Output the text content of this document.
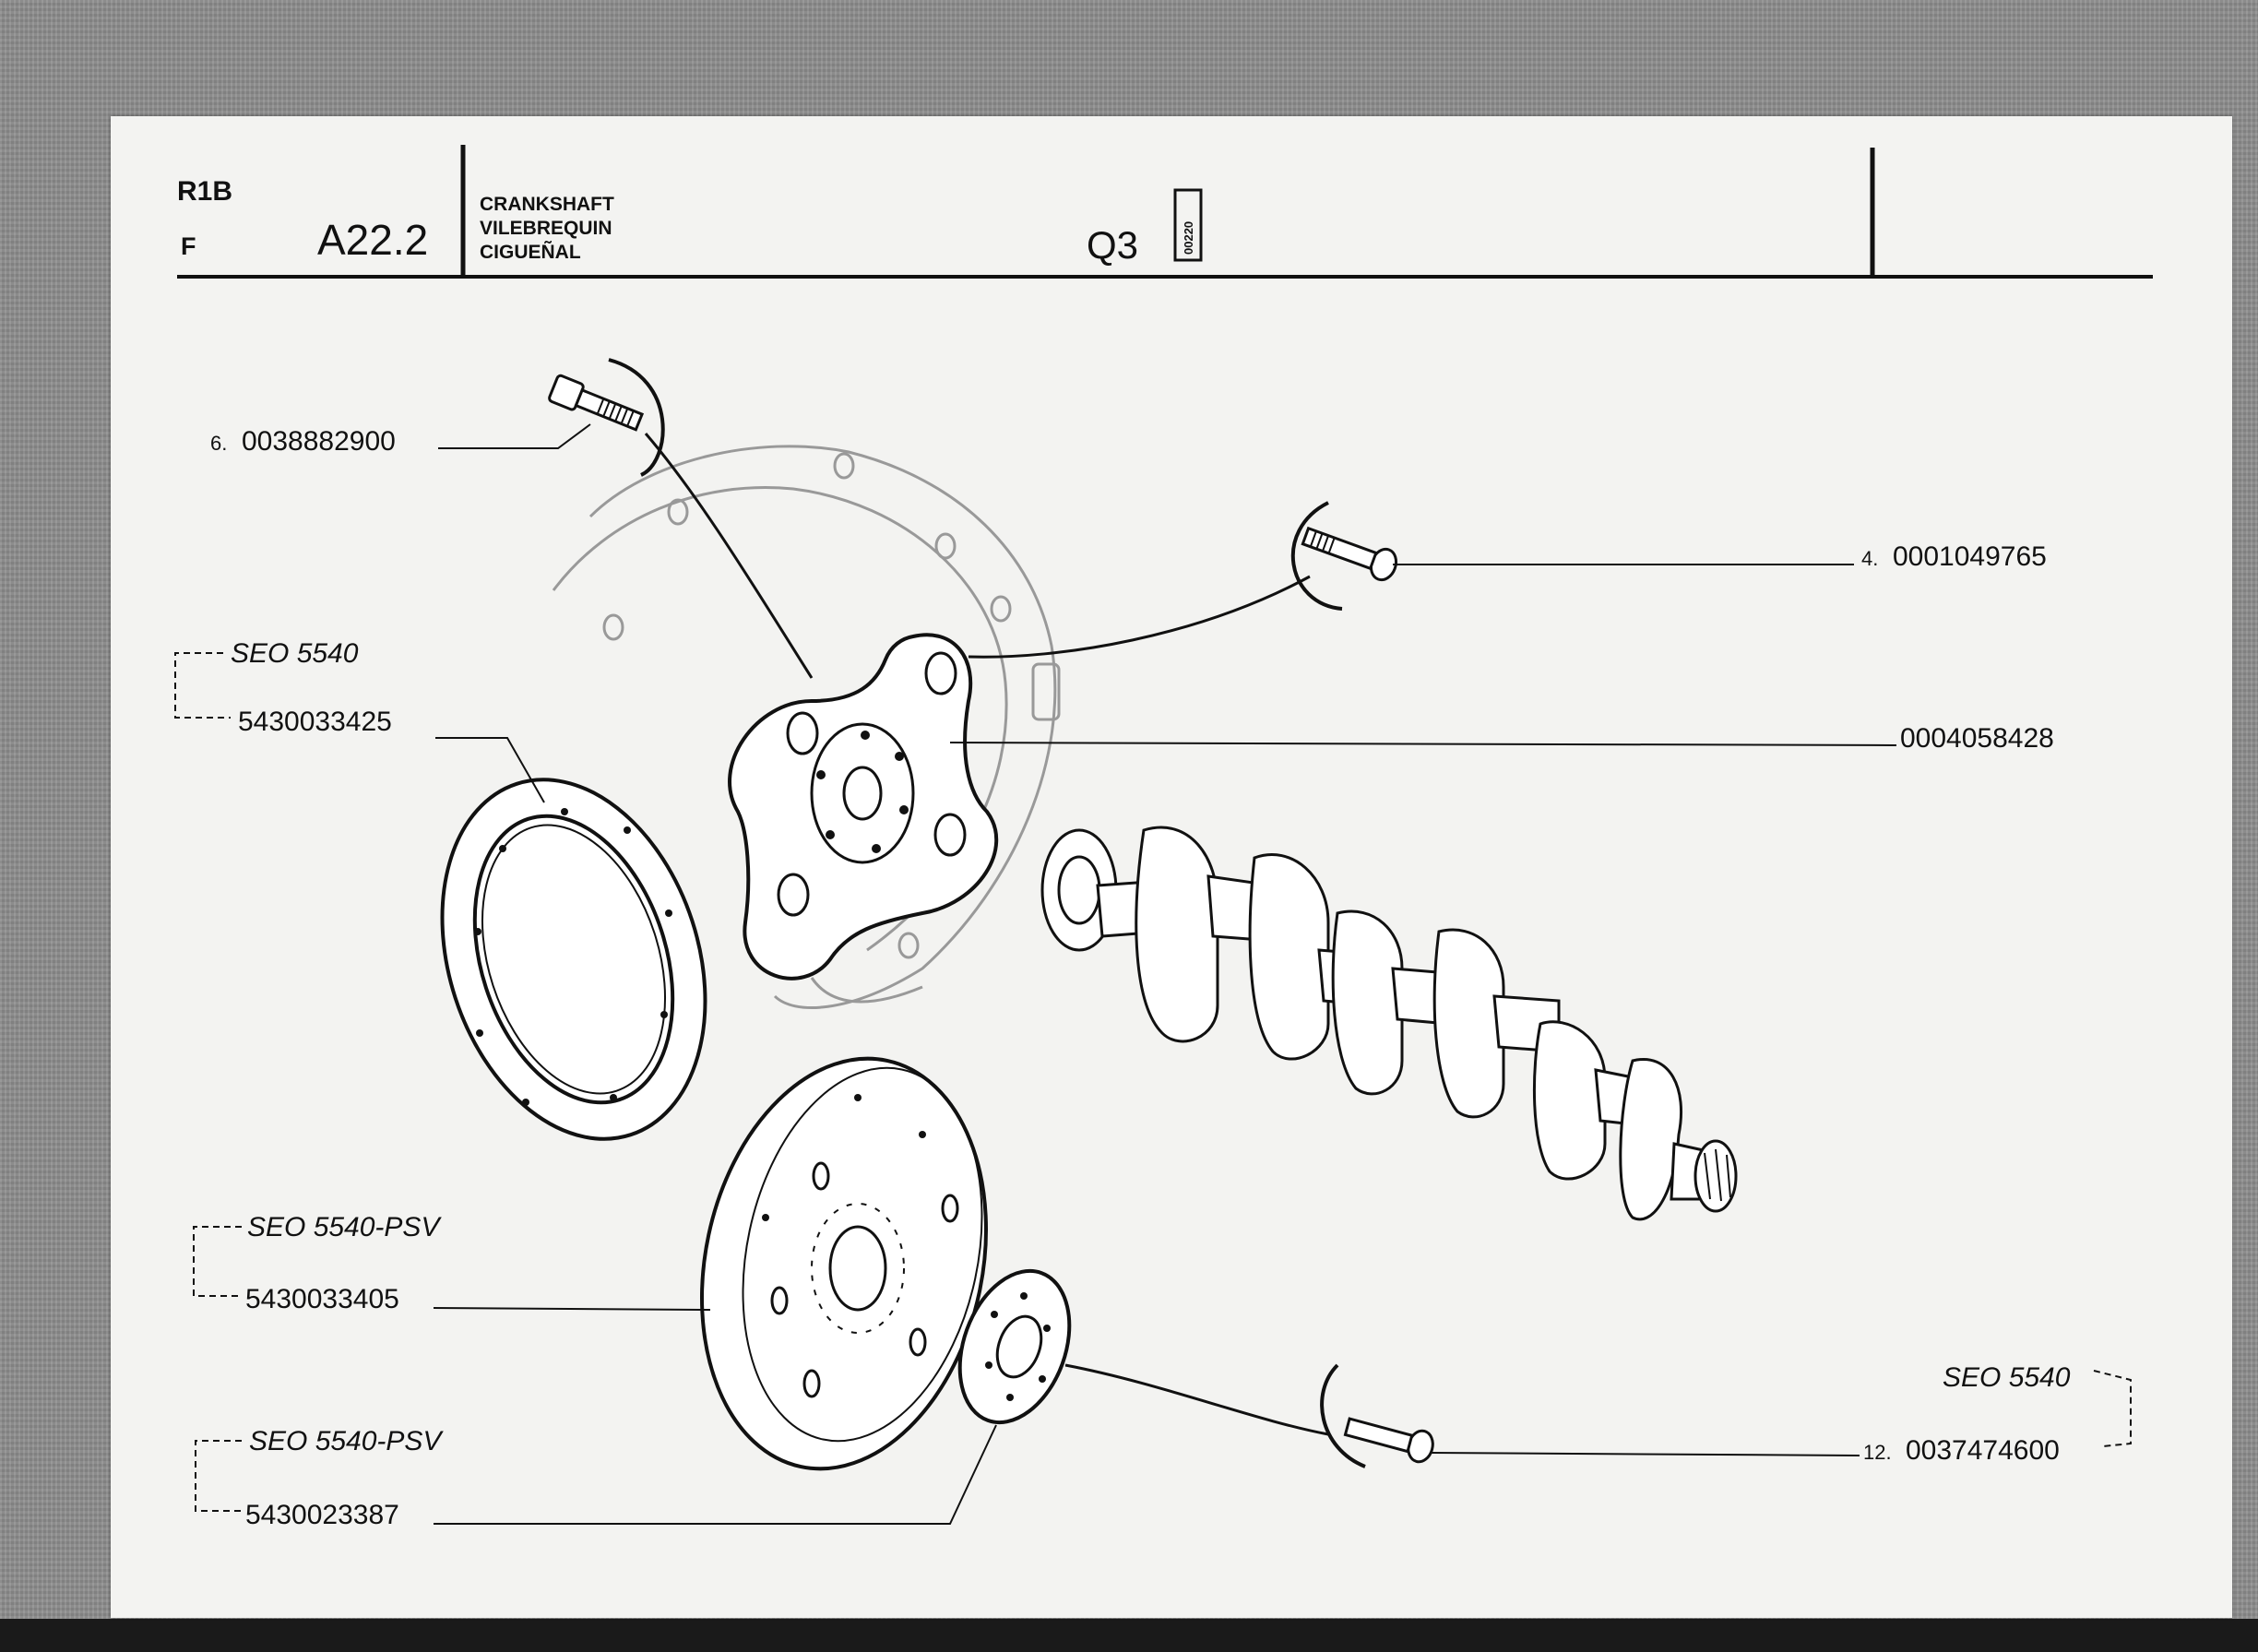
R1B
F	A22.2
CRANKSHAFT
VILEBREQUIN
CIGUEÑAL	Q3	00220
6. 0038882900
4. 0001049765
0004058428
SEO 5540
5430033425
SEO 5540-PSV
5430033405
SEO 5540-PSV
5430023387
SEO 5540
12. 0037474600
